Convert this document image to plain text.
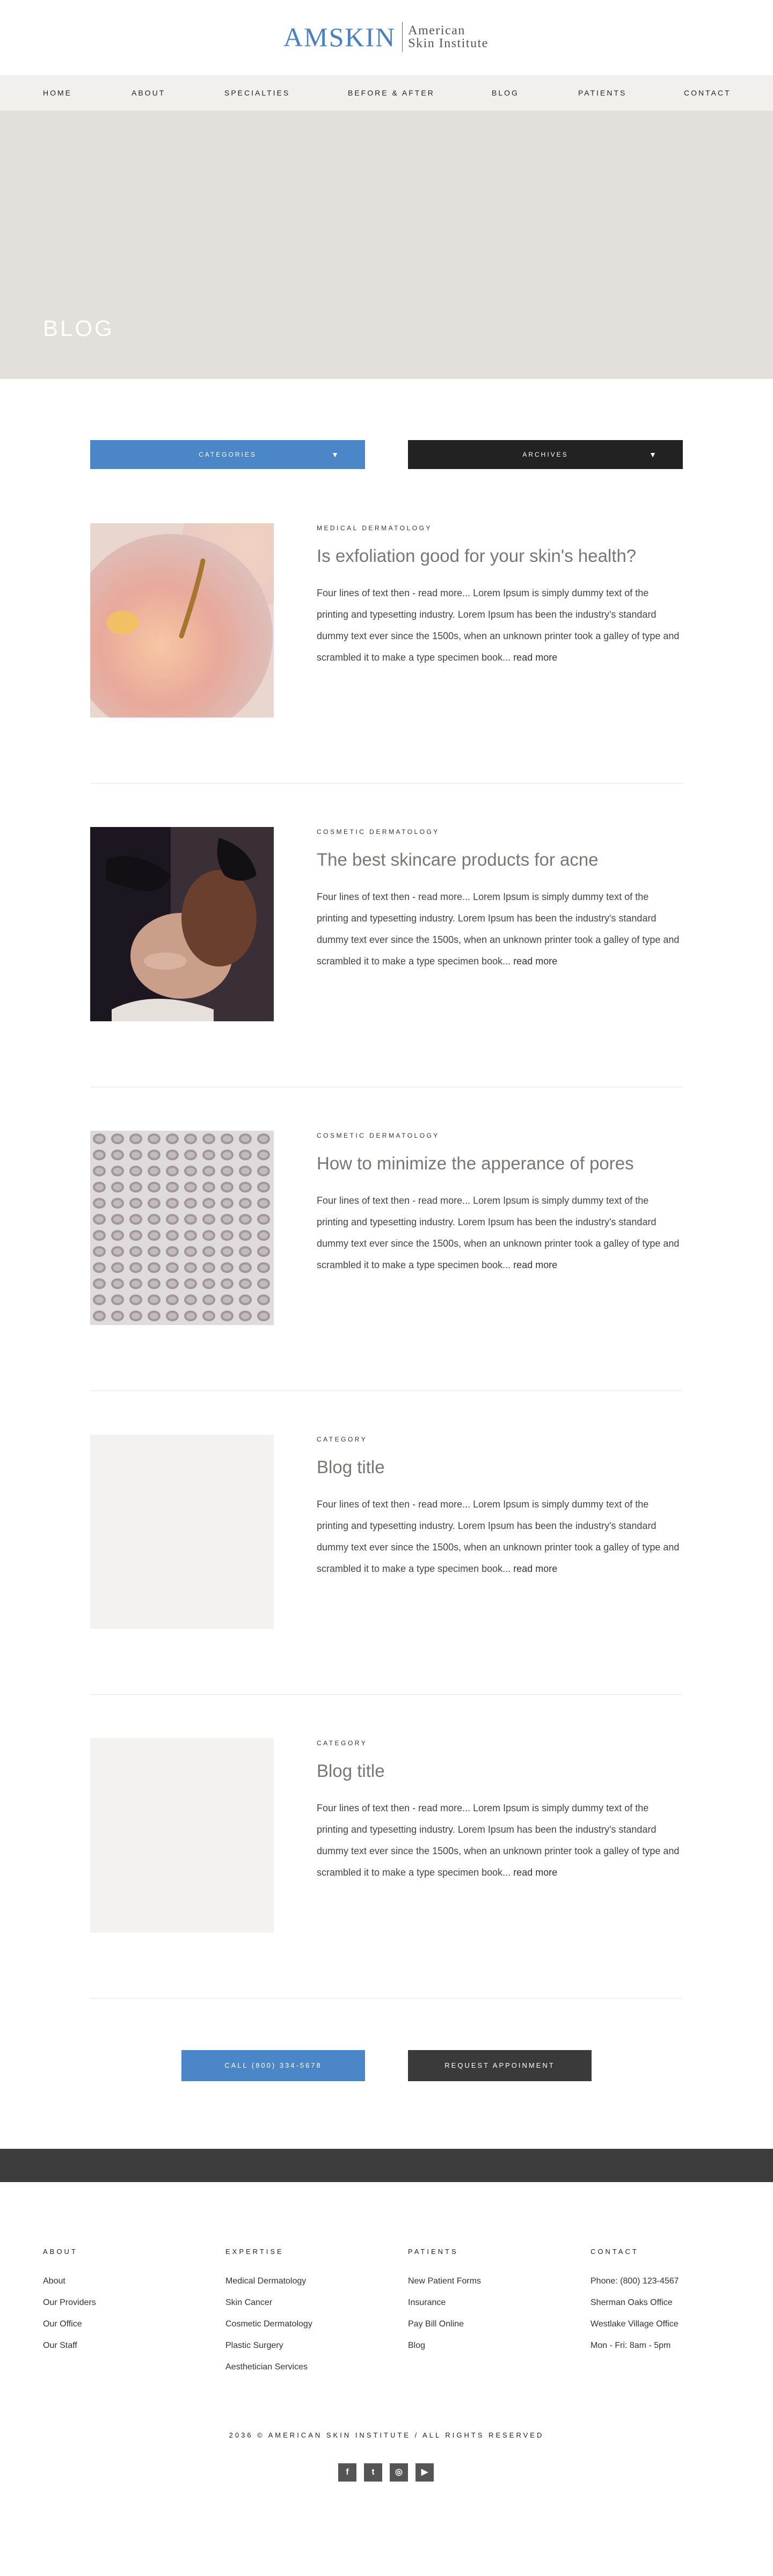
AMSKIN American
Skin Institute
HOME	ABOUT	SPECIALTIES	BEFORE & AFTER	BLOG	PATIENTS	CONTACT
BLOG
CATEGORIES	▼	ARCHIVES	▼
MEDICAL DERMATOLOGY
Is exfoliation good for your skin's health?

Four lines of text then - read more... Lorem Ipsum is simply dummy text of the printing and typesetting industry. Lorem Ipsum has been the industry's standard dummy text ever since the 1500s, when an unknown printer took a galley of type and scrambled it to make a type specimen book... read more

COSMETIC DERMATOLOGY
The best skincare products for acne

Four lines of text then - read more... Lorem Ipsum is simply dummy text of the printing and typesetting industry. Lorem Ipsum has been the industry's standard dummy text ever since the 1500s, when an unknown printer took a galley of type and scrambled it to make a type specimen book... read more

COSMETIC DERMATOLOGY
How to minimize the apperance of pores

Four lines of text then - read more... Lorem Ipsum is simply dummy text of the printing and typesetting industry. Lorem Ipsum has been the industry's standard dummy text ever since the 1500s, when an unknown printer took a galley of type and scrambled it to make a type specimen book... read more

CATEGORY
Blog title

Four lines of text then - read more... Lorem Ipsum is simply dummy text of the printing and typesetting industry. Lorem Ipsum has been the industry's standard dummy text ever since the 1500s, when an unknown printer took a galley of type and scrambled it to make a type specimen book... read more

CATEGORY
Blog title

Four lines of text then - read more... Lorem Ipsum is simply dummy text of the printing and typesetting industry. Lorem Ipsum has been the industry's standard dummy text ever since the 1500s, when an unknown printer took a galley of type and scrambled it to make a type specimen book... read more

CALL (800) 334-5678	REQUEST APPOINMENT
ABOUT
About
Our Providers
Our Office
Our Staff
EXPERTISE
Medical Dermatology
Skin Cancer
Cosmetic Dermatology
Plastic Surgery
Aesthetician Services
PATIENTS
New Patient Forms
Insurance
Pay Bill Online
Blog
CONTACT
Phone: (800) 123-4567
Sherman Oaks Office
Westlake Village Office
Mon - Fri: 8am - 5pm
2036 © AMERICAN SKIN INSTITUTE / ALL RIGHTS RESERVED
f	t	◎	▶
